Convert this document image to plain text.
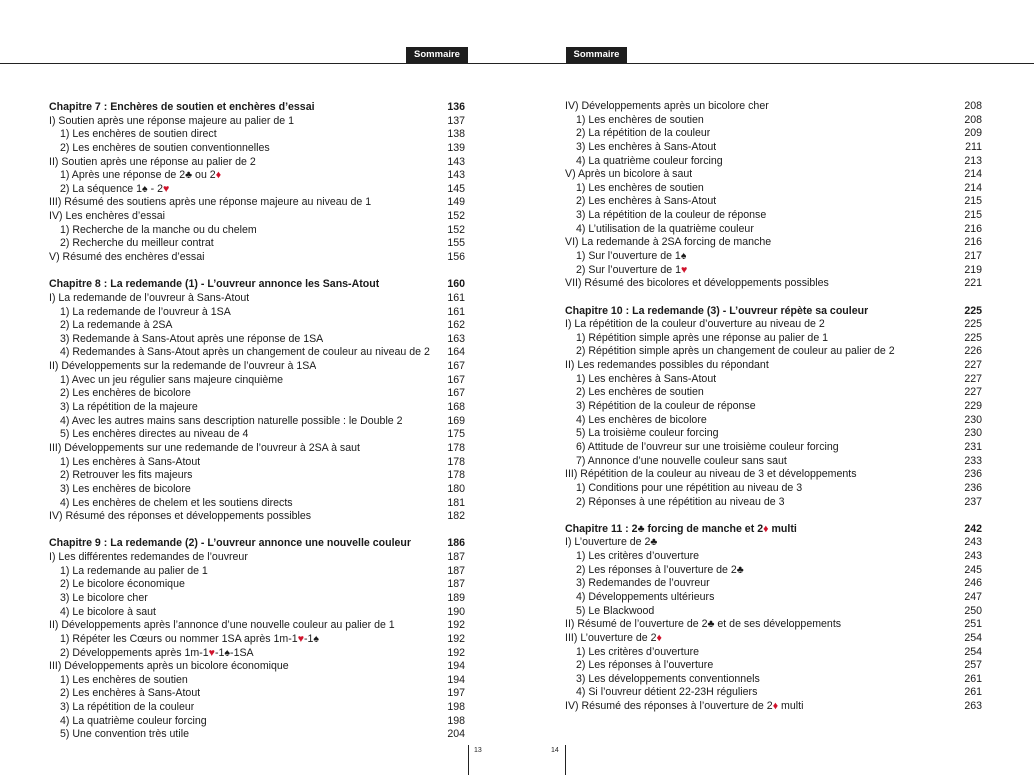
Sommaire	Sommaire
Chapitre 7 : Enchères de soutien et enchères d’essai	136
I) Soutien après une réponse majeure au palier de 1	137
1) Les enchères de soutien direct	138
2) Les enchères de soutien conventionnelles	139
II) Soutien après une réponse au palier de 2	143
1) Après une réponse de 2♣ ou 2♦	143
2) La séquence 1♠ - 2♥	145
III) Résumé des soutiens après une réponse majeure au niveau de 1	149
IV) Les enchères d’essai	152
1) Recherche de la manche ou du chelem	152
2) Recherche du meilleur contrat	155
V) Résumé des enchères d’essai	156
Chapitre 8 : La redemande (1) - L’ouvreur annonce les Sans-Atout	160
I) La redemande de l’ouvreur à Sans-Atout	161
1) La redemande de l’ouvreur à 1SA	161
2) La redemande à 2SA	162
3) Redemande à Sans-Atout après une réponse de 1SA	163
4) Redemandes à Sans-Atout après un changement de couleur au niveau de 2	164
II) Développements sur la redemande de l’ouvreur à 1SA	167
1) Avec un jeu régulier sans majeure cinquième	167
2) Les enchères de bicolore	167
3) La répétition de la majeure	168
4) Avec les autres mains sans description naturelle possible : le Double 2	169
5) Les enchères directes au niveau de 4	175
III) Développements sur une redemande de l’ouvreur à 2SA à saut	178
1) Les enchères à Sans-Atout	178
2) Retrouver les fits majeurs	178
3) Les enchères de bicolore	180
4) Les enchères de chelem et les soutiens directs	181
IV) Résumé des réponses et développements possibles	182
Chapitre 9 : La redemande (2) - L’ouvreur annonce une nouvelle couleur	186
I) Les différentes redemandes de l’ouvreur	187
1) La redemande au palier de 1	187
2) Le bicolore économique	187
3) Le bicolore cher	189
4) Le bicolore à saut	190
II) Développements après l’annonce d’une nouvelle couleur au palier de 1	192
1) Répéter les Cœurs ou nommer 1SA après 1m-1♥-1♠	192
2) Développements après 1m-1♥-1♠-1SA	192
III) Développements après un bicolore économique	194
1) Les enchères de soutien	194
2) Les enchères à Sans-Atout	197
3) La répétition de la couleur	198
4) La quatrième couleur forcing	198
5) Une convention très utile	204
IV) Développements après un bicolore cher	208
1) Les enchères de soutien	208
2) La répétition de la couleur	209
3) Les enchères à Sans-Atout	211
4) La quatrième couleur forcing	213
V) Après un bicolore à saut	214
1) Les enchères de soutien	214
2) Les enchères à Sans-Atout	215
3) La répétition de la couleur de réponse	215
4) L’utilisation de la quatrième couleur	216
VI) La redemande à 2SA forcing de manche	216
1) Sur l’ouverture de 1♠	217
2) Sur l’ouverture de 1♥	219
VII) Résumé des bicolores et développements possibles	221
Chapitre 10 : La redemande (3) - L’ouvreur répète sa couleur	225
I) La répétition de la couleur d’ouverture au niveau de 2	225
1) Répétition simple après une réponse au palier de 1	225
2) Répétition simple après un changement de couleur au palier de 2	226
II) Les redemandes possibles du répondant	227
1) Les enchères à Sans-Atout	227
2) Les enchères de soutien	227
3) Répétition de la couleur de réponse	229
4) Les enchères de bicolore	230
5) La troisième couleur forcing	230
6) Attitude de l’ouvreur sur une troisième couleur forcing	231
7) Annonce d’une nouvelle couleur sans saut	233
III) Répétition de la couleur au niveau de 3 et développements	236
1) Conditions pour une répétition au niveau de 3	236
2) Réponses à une répétition au niveau de 3	237
Chapitre 11 : 2♣ forcing de manche et 2♦ multi	242
I) L’ouverture de 2♣	243
1) Les critères d’ouverture	243
2) Les réponses à l’ouverture de 2♣	245
3) Redemandes de l’ouvreur	246
4) Développements ultérieurs	247
5) Le Blackwood	250
II) Résumé de l’ouverture de 2♣ et de ses développements	251
III) L’ouverture de 2♦	254
1) Les critères d’ouverture	254
2) Les réponses à l’ouverture	257
3) Les développements conventionnels	261
4) Si l’ouvreur détient 22-23H réguliers	261
IV) Résumé des réponses à l’ouverture de 2♦ multi	263
13	14
